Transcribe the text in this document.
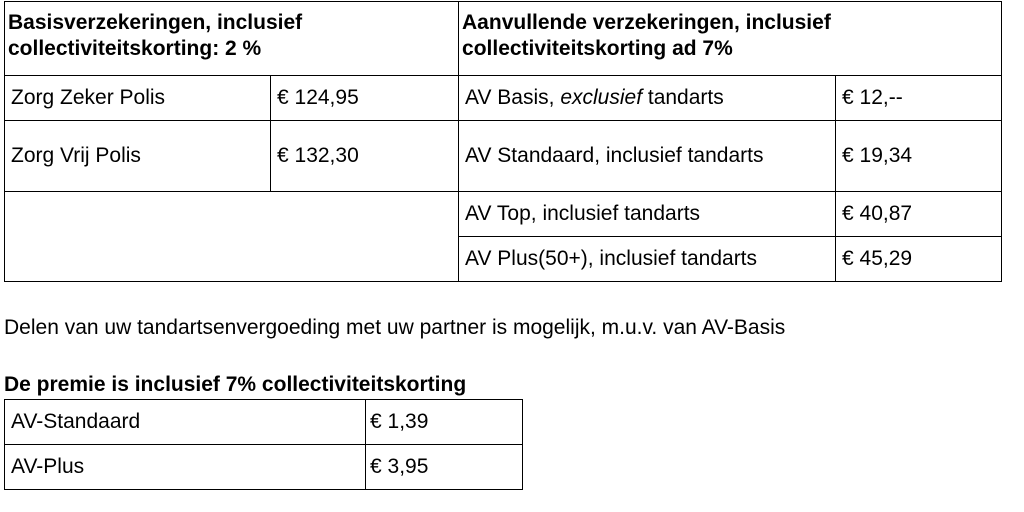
Basisverzekeringen, inclusief collectiviteitskorting: 2 %		Aanvullende verzekeringen, inclusief collectiviteitskorting ad 7%	
Zorg Zeker Polis	€ 124,95	AV Basis, exclusief tandarts	€ 12,--
Zorg Vrij Polis	€ 132,30	AV Standaard, inclusief tandarts	€ 19,34
		AV Top, inclusief tandarts	€ 40,87
		AV Plus(50+), inclusief tandarts	€ 45,29
Delen van uw tandartsenvergoeding met uw partner is mogelijk, m.u.v. van AV-Basis
De premie is inclusief 7% collectiviteitskorting
AV-Standaard	€ 1,39
AV-Plus	€ 3,95
